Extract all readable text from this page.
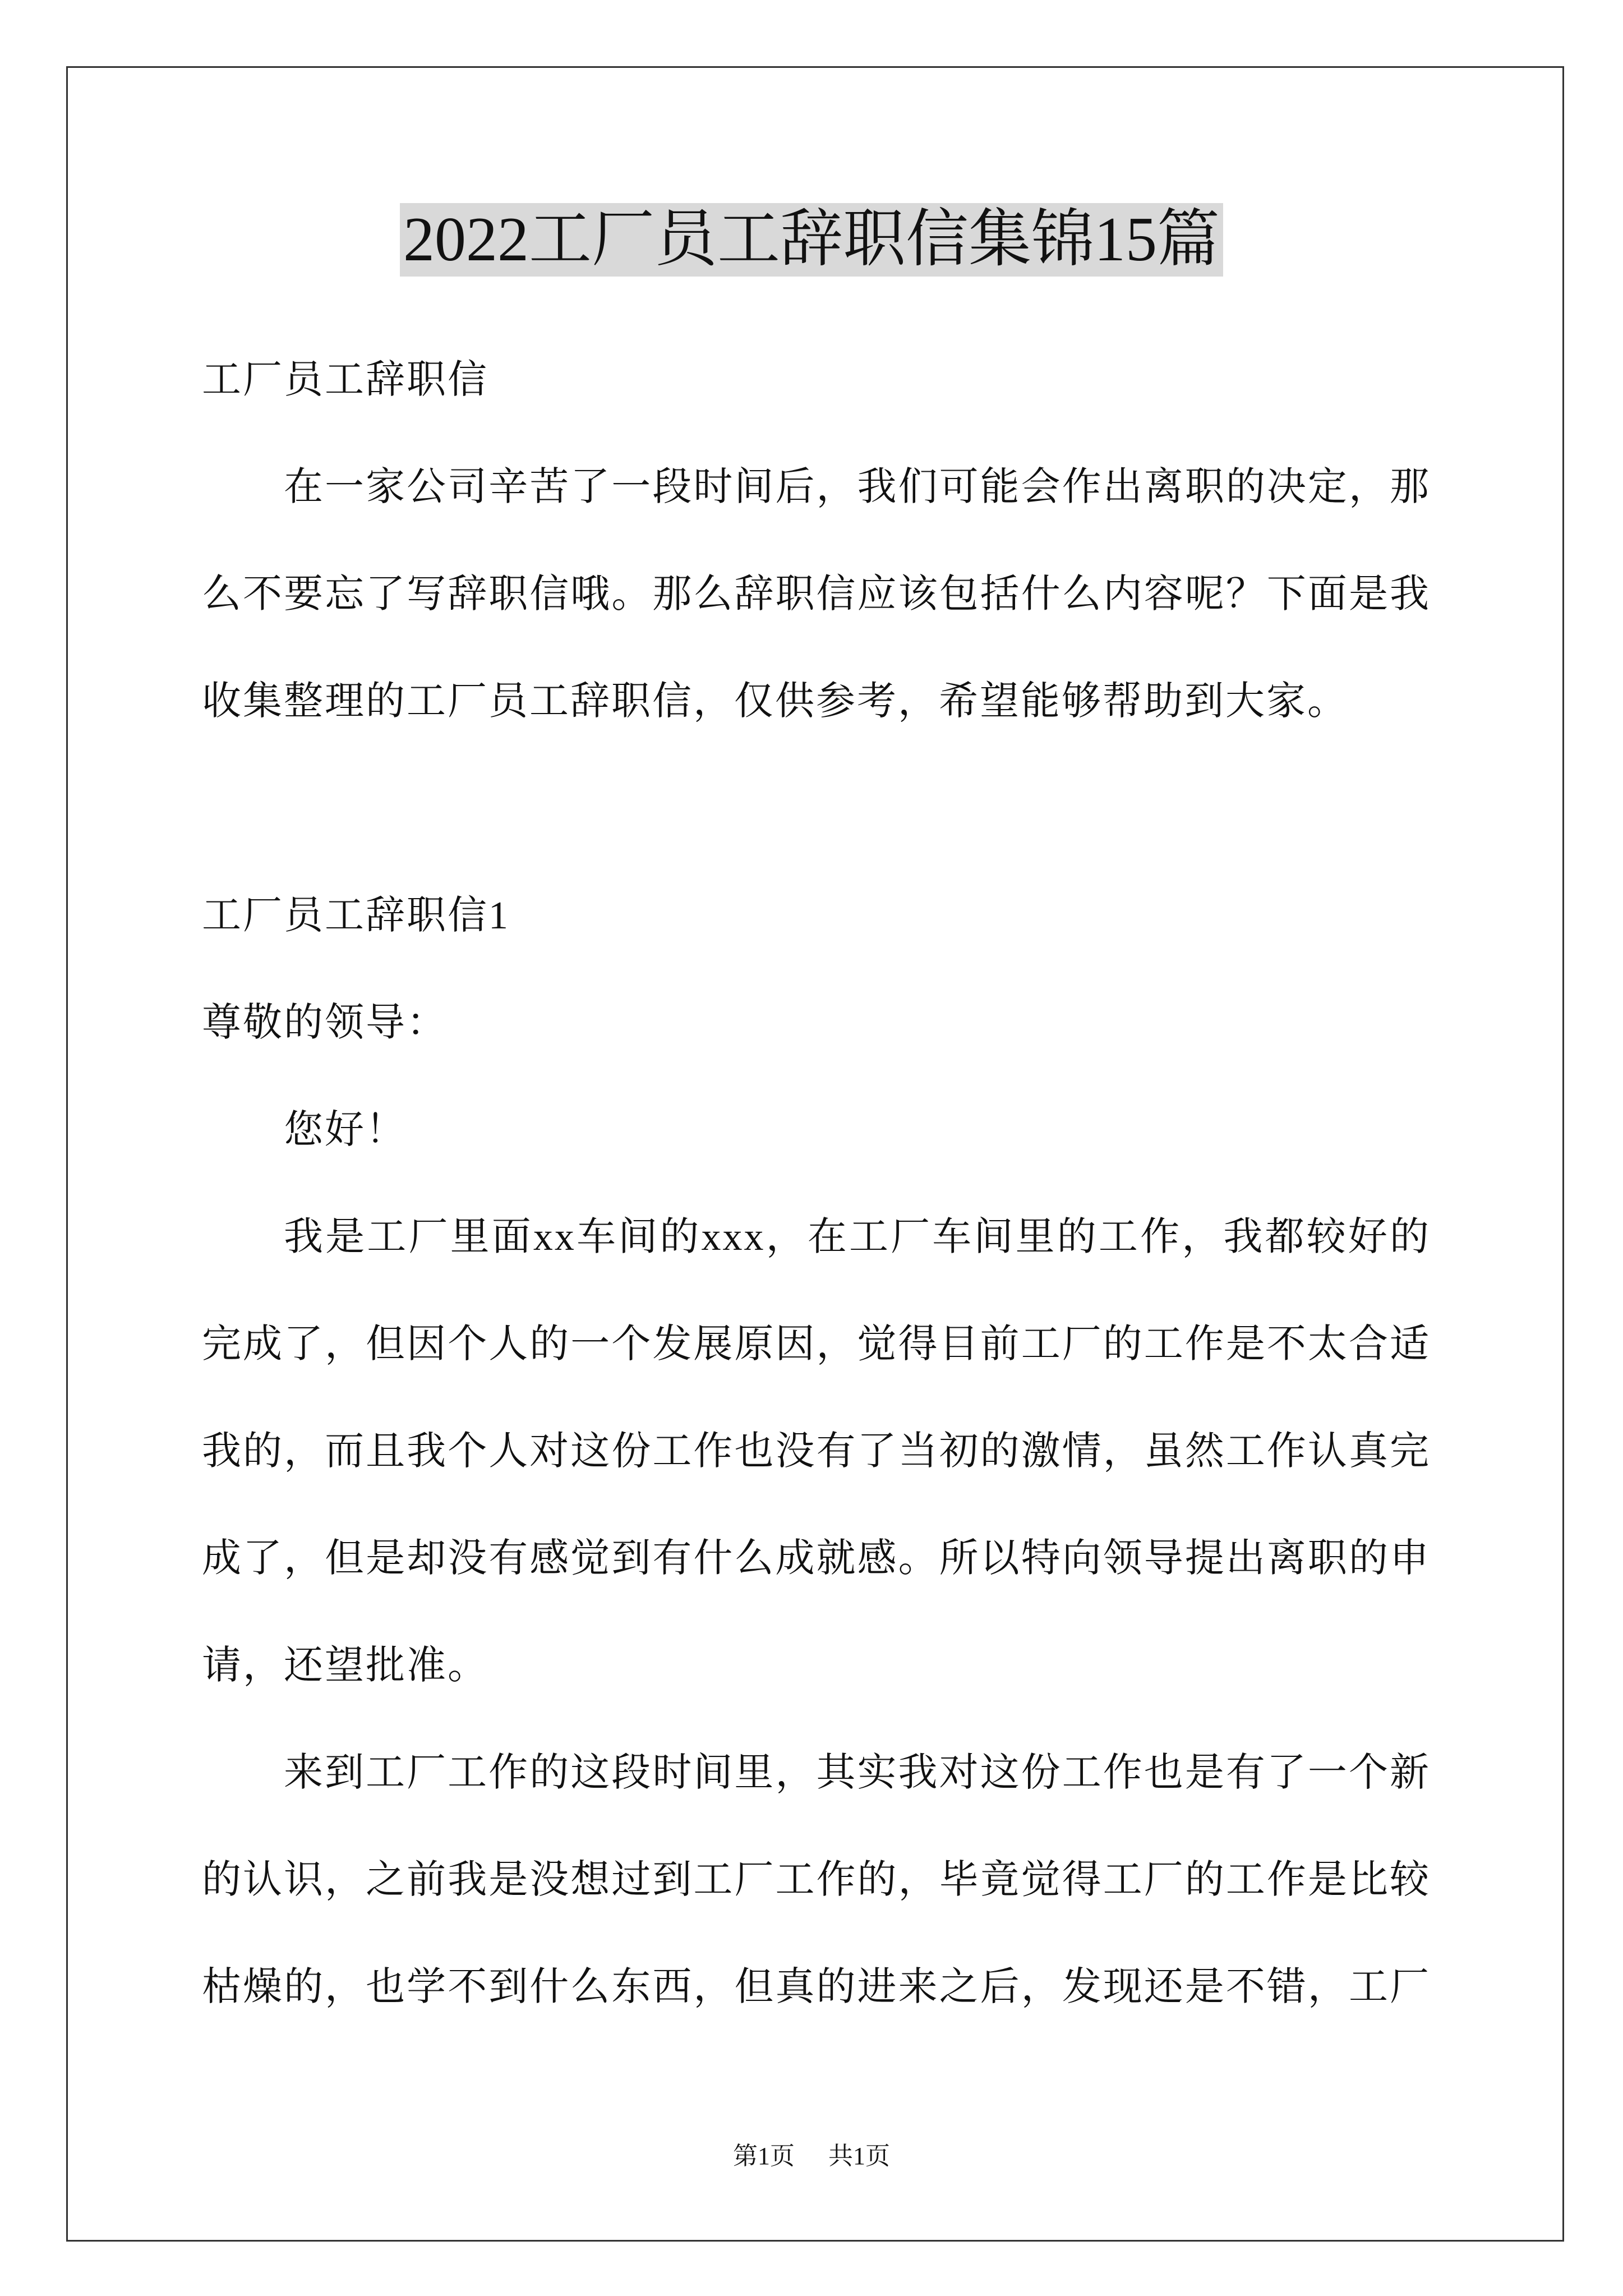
2022工厂员工辞职信集锦15篇
工厂员工辞职信
在一家公司辛苦了一段时间后，我们可能会作出离职的决定，那
么不要忘了写辞职信哦。那么辞职信应该包括什么内容呢？下面是我
收集整理的工厂员工辞职信，仅供参考，希望能够帮助到大家。
工厂员工辞职信1
尊敬的领导：
您好！
我是工厂里面xx车间的xxx，在工厂车间里的工作，我都较好的
完成了，但因个人的一个发展原因，觉得目前工厂的工作是不太合适
我的，而且我个人对这份工作也没有了当初的激情，虽然工作认真完
成了，但是却没有感觉到有什么成就感。所以特向领导提出离职的申
请，还望批准。
来到工厂工作的这段时间里，其实我对这份工作也是有了一个新
的认识，之前我是没想过到工厂工作的，毕竟觉得工厂的工作是比较
枯燥的，也学不到什么东西，但真的进来之后，发现还是不错，工厂
第1页 共1页
